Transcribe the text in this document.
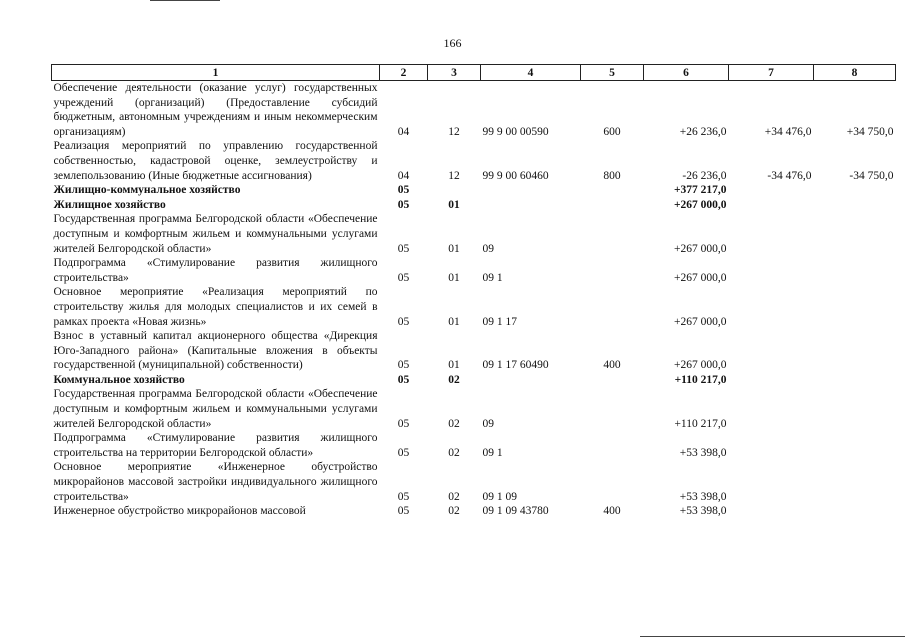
166
1	2	3	4	5	6	7	8
Обеспечение деятельности (оказание услуг) государственных учреждений (организаций) (Предоставление субсидий бюджетным, автономным учреждениям и иным некоммерческим организациям)	04	12	99 9 00 00590	600	+26 236,0	+34 476,0	+34 750,0
Реализация мероприятий по управлению государственной собственностью, кадастровой оценке, землеустройству и землепользованию (Иные бюджетные ассигнования)	04	12	99 9 00 60460	800	-26 236,0	-34 476,0	-34 750,0
Жилищно-коммунальное хозяйство	05				+377 217,0		
Жилищное хозяйство	05	01			+267 000,0		
Государственная программа Белгородской области «Обеспечение доступным и комфортным жильем и коммунальными услугами жителей Белгородской области»	05	01	09		+267 000,0		
Подпрограмма «Стимулирование развития жилищного строительства»	05	01	09 1		+267 000,0		
Основное мероприятие «Реализация мероприятий по строительству жилья для молодых специалистов и их семей в рамках проекта «Новая жизнь»	05	01	09 1 17		+267 000,0		
Взнос в уставный капитал акционерного общества «Дирекция Юго-Западного района» (Капитальные вложения в объекты государственной (муниципальной) собственности)	05	01	09 1 17 60490	400	+267 000,0		
Коммунальное хозяйство	05	02			+110 217,0		
Государственная программа Белгородской области «Обеспечение доступным и комфортным жильем и коммунальными услугами жителей Белгородской области»	05	02	09		+110 217,0		
Подпрограмма «Стимулирование развития жилищного строительства на территории Белгородской области»	05	02	09 1		+53 398,0		
Основное мероприятие «Инженерное обустройство микрорайонов массовой застройки индивидуального жилищного строительства»	05	02	09 1 09		+53 398,0		
Инженерное обустройство микрорайонов массовой	05	02	09 1 09 43780	400	+53 398,0		
